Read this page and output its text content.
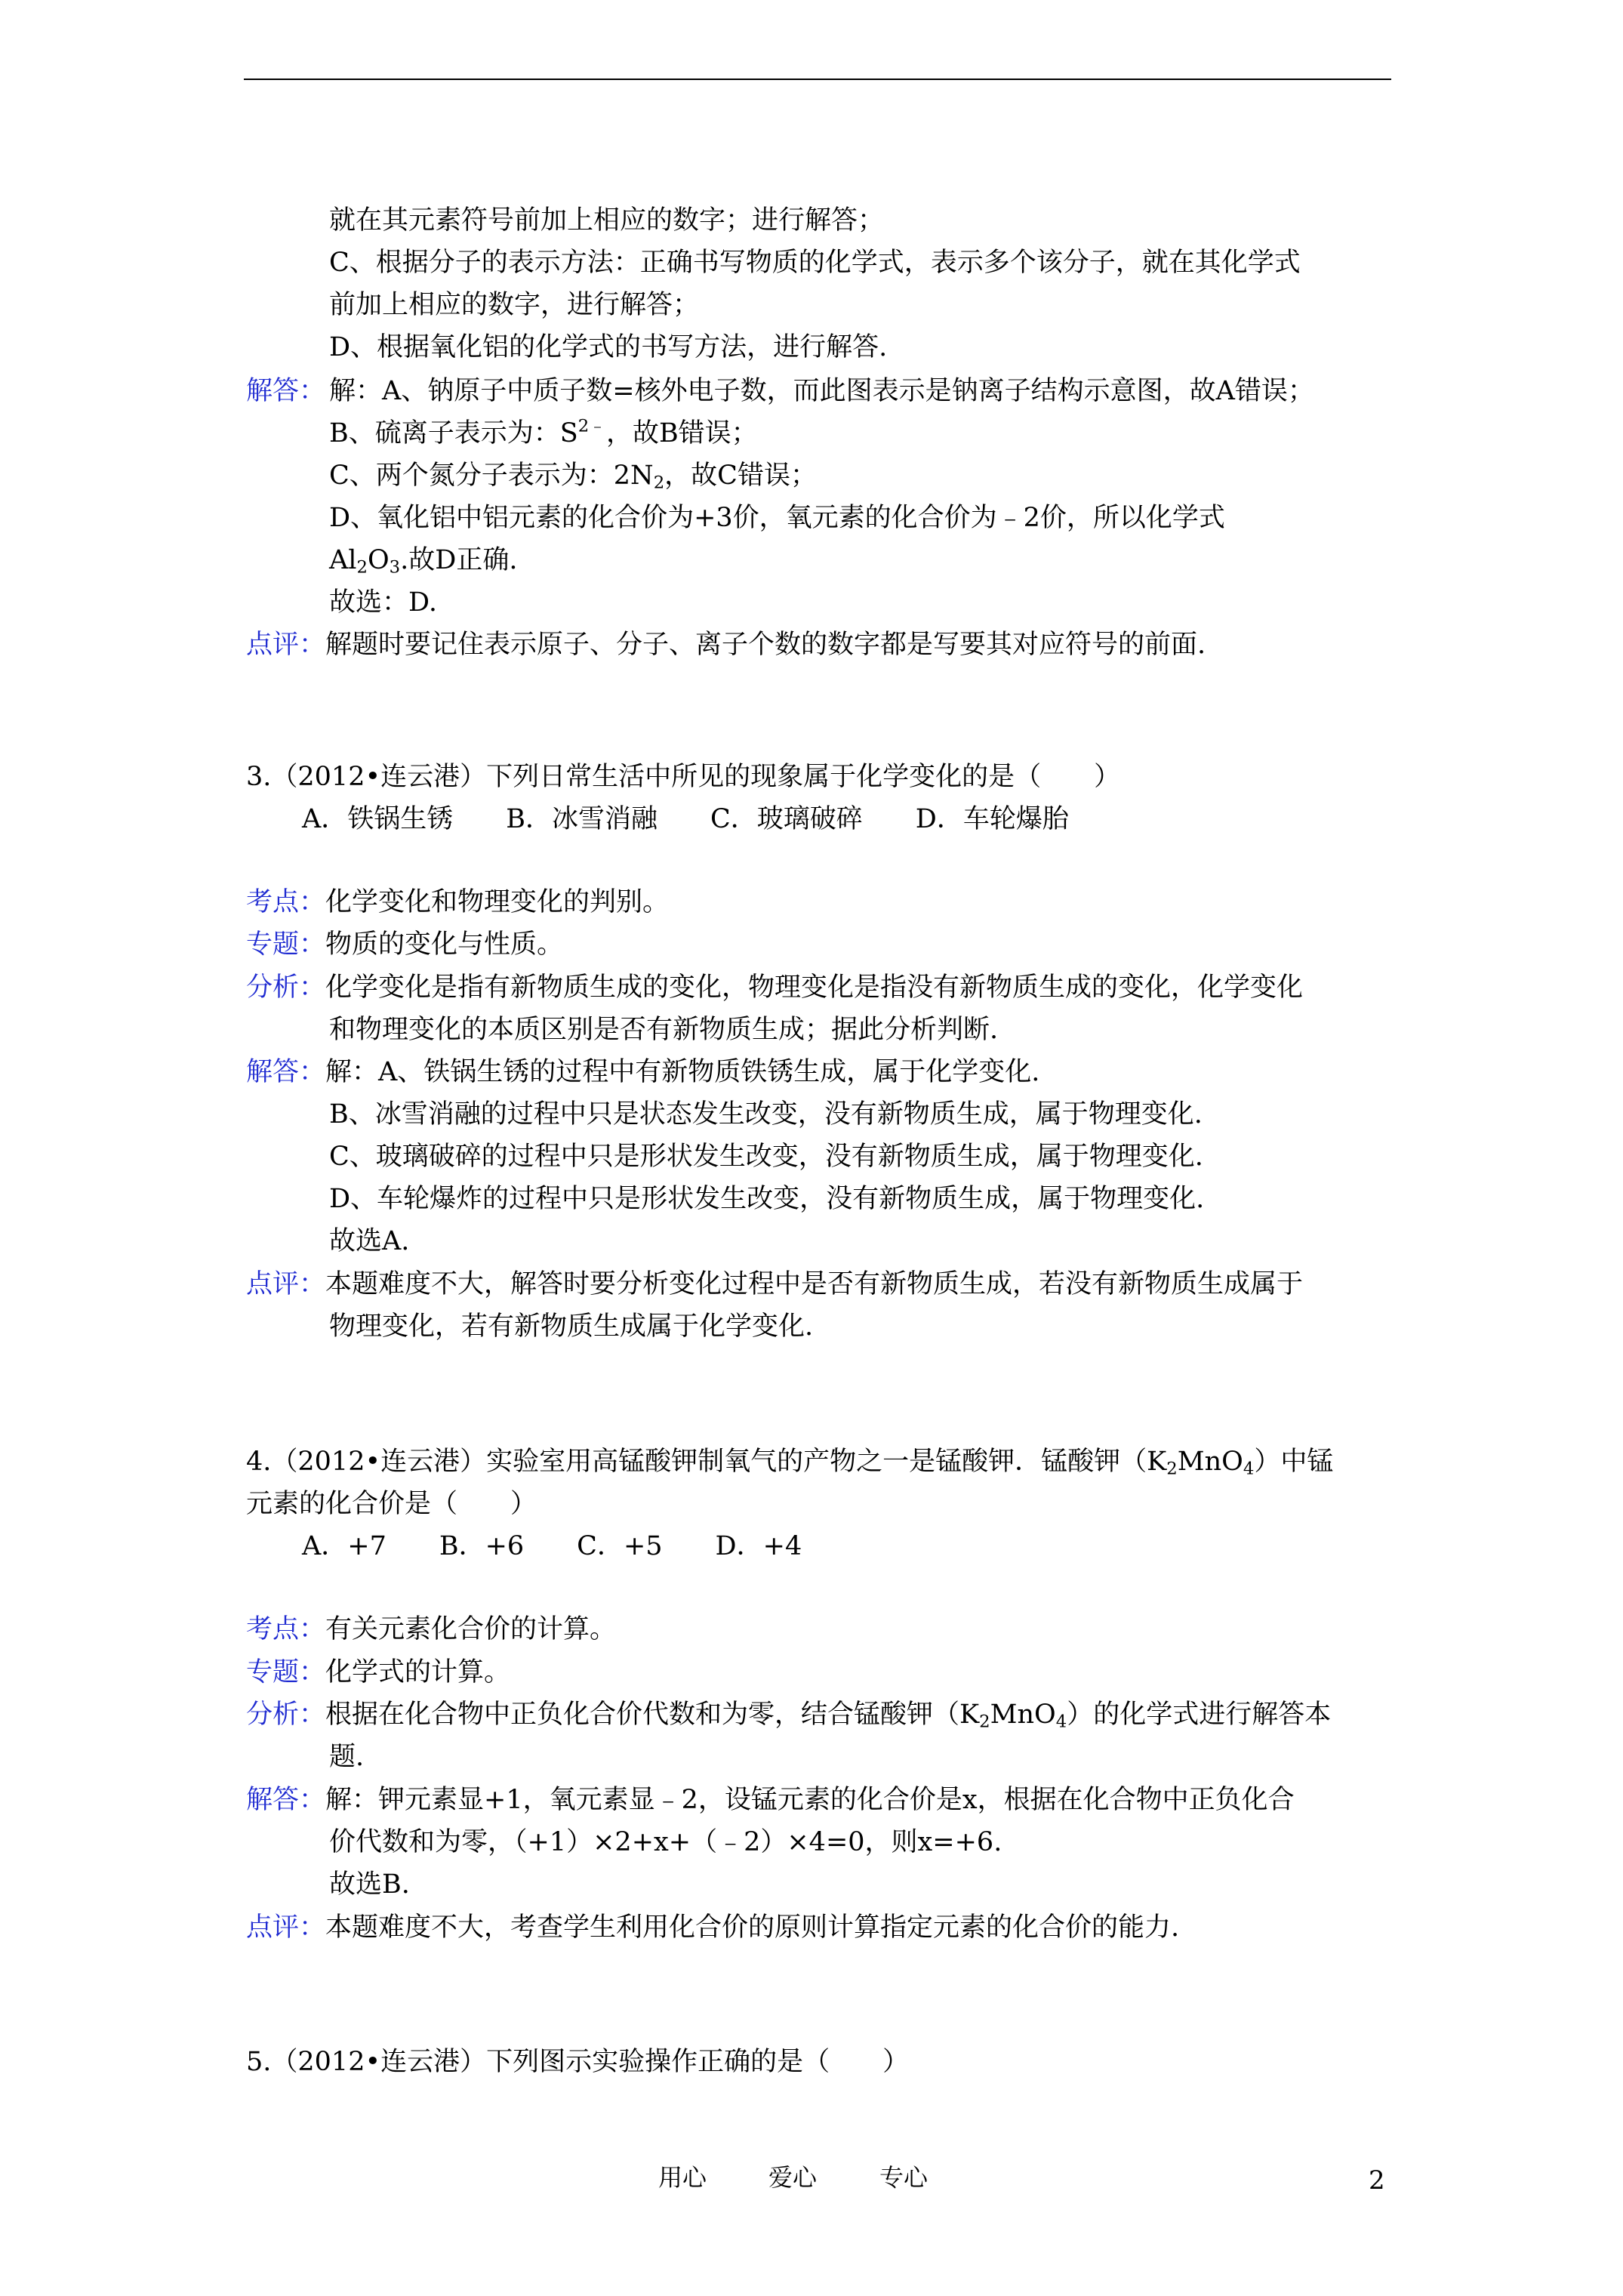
就在其元素符号前加上相应的数字；进行解答；
C、根据分子的表示方法：正确书写物质的化学式，表示多个该分子，就在其化学式
前加上相应的数字，进行解答；
D、根据氧化铝的化学式的书写方法，进行解答.
解答： 解：A、钠原子中质子数=核外电子数，而此图表示是钠离子结构示意图，故A错误；
B、硫离子表示为：$S^{2﹣}$，故B错误；
C、两个氮分子表示为：$2N_2$，故C错误；
D、氧化铝中铝元素的化合价为+3价，氧元素的化合价为﹣2价，所以化学式
$Al_2O_3$.故D正确.
故选：D.
点评：解题时要记住表示原子、分子、离子个数的数字都是写要其对应符号的前面.
3.（2012•连云港）下列日常生活中所见的现象属于化学变化的是（　　）
A．铁锅生锈　　B．冰雪消融　　C．玻璃破碎　　D．车轮爆胎
考点：化学变化和物理变化的判别。
专题：物质的变化与性质。
分析：化学变化是指有新物质生成的变化，物理变化是指没有新物质生成的变化，化学变化
和物理变化的本质区别是否有新物质生成；据此分析判断.
解答：解：A、铁锅生锈的过程中有新物质铁锈生成，属于化学变化.
B、冰雪消融的过程中只是状态发生改变，没有新物质生成，属于物理变化.
C、玻璃破碎的过程中只是形状发生改变，没有新物质生成，属于物理变化.
D、车轮爆炸的过程中只是形状发生改变，没有新物质生成，属于物理变化.
故选A.
点评：本题难度不大，解答时要分析变化过程中是否有新物质生成，若没有新物质生成属于
物理变化，若有新物质生成属于化学变化.
4.（2012•连云港）实验室用高锰酸钾制氧气的产物之一是锰酸钾．锰酸钾$(K_2MnO_4)$中锰
元素的化合价是（　　）
A．+7　　B．+6　　C．+5　　D．+4
考点：有关元素化合价的计算。
专题：化学式的计算。
分析：根据在化合物中正负化合价代数和为零，结合锰酸钾$(K_2MnO_4)$的化学式进行解答本
题.
解答：解：钾元素显+1，氧元素显﹣2，设锰元素的化合价是x，根据在化合物中正负化合
价代数和为零，（+1）×2+x+（﹣2）×4=0，则x=+6.
故选B.
点评：本题难度不大，考查学生利用化合价的原则计算指定元素的化合价的能力.
5.（2012•连云港）下列图示实验操作正确的是（　　）
用心	爱心	专心	2
